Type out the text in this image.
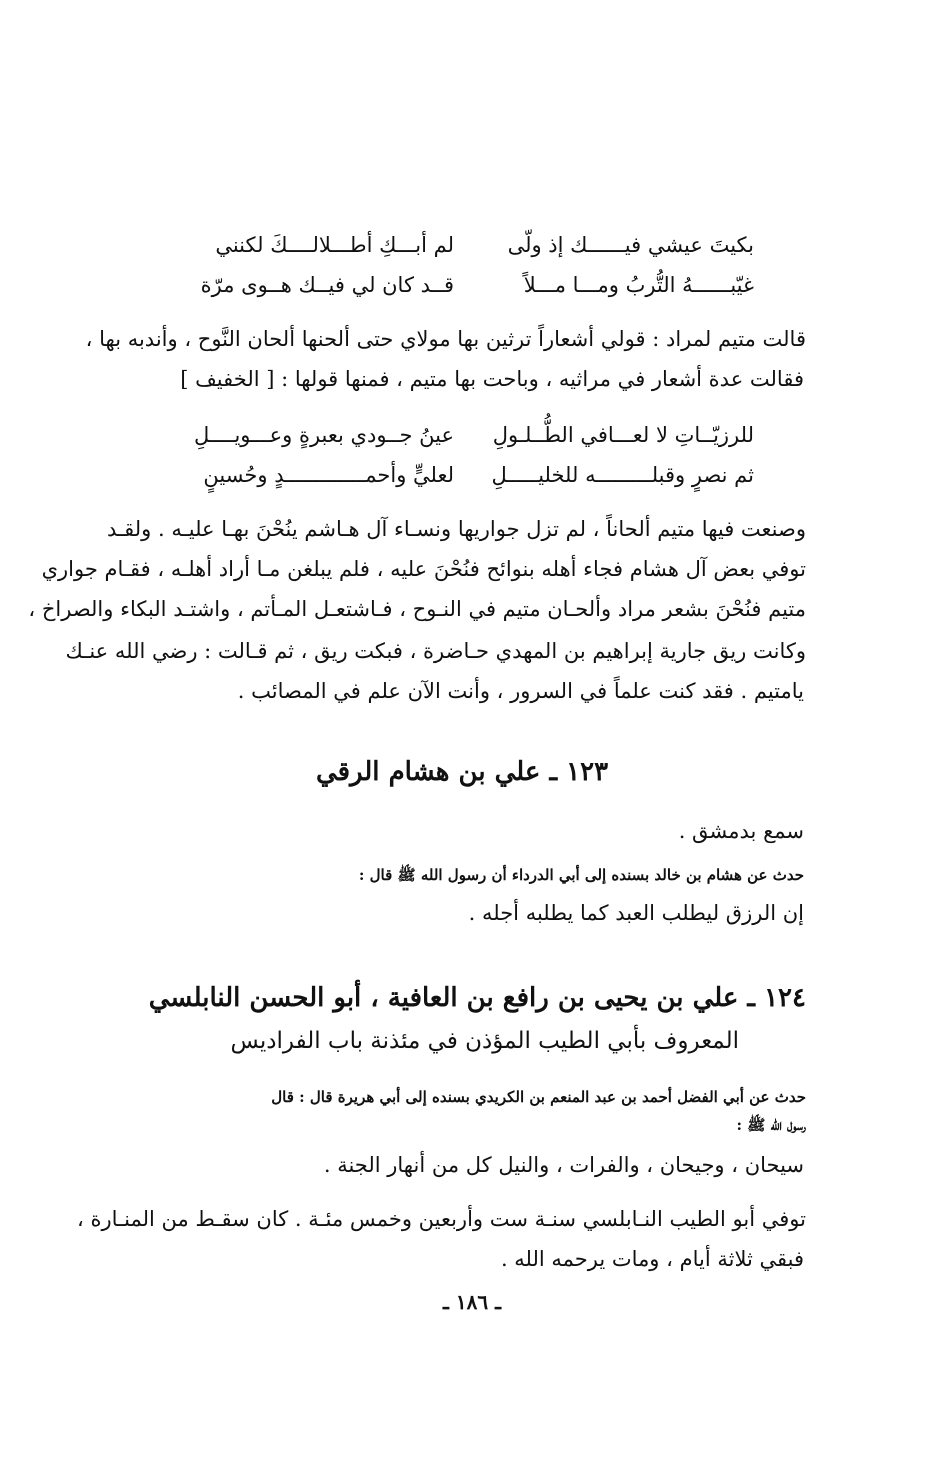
لم أبـــكِ أطـــلالــــكَ لكنني	بكيتَ عيشي فيــــــك إذ ولّى
قــد كان لي فيــك هــوى مرّة	غيّبــــــهُ التُّربُ ومـــا مـــلاً
قالت متيم لمراد : قولي أشعاراً ترثين بها مولاي حتى ألحنها ألحان النَّوح ، وأندبه بها ،
فقالت عدة أشعار في مراثيه ، وباحت بها متيم ، فمنها قولها : [ الخفيف ]
عينُ جــودي بعبرةٍ وعـــويــــلِ	للرزيّــاتِ لا لعـــافي الطُّــلـولِ
لعليٍّ وأحمـــــــــــــدٍ وحُسينٍ	ثم نصرٍ وقبلـــــــــه للخليـــــلِ
وصنعت فيها متيم ألحاناً ، لم تزل جواريها ونسـاء آل هـاشم ينُحْنَ بهـا عليـه . ولقـد
توفي بعض آل هشام فجاء أهله بنوائح فنُحْنَ عليه ، فلم يبلغن مـا أراد أهلـه ، فقـام جواري
متيم فنُحْنَ بشعر مراد وألحـان متيم في النـوح ، فـاشتعـل المـأتم ، واشتـد البكاء والصراخ ،
وكانت ريق جارية إبراهيم بن المهدي حـاضرة ، فبكت ريق ، ثم قـالت : رضي الله عنـك
يامتيم . فقد كنت علماً في السرور ، وأنت الآن علم في المصائب .
١٢٣ ـ علي بن هشام الرقي
سمع بدمشق .
حدث عن هشام بن خالد بسنده إلى أبي الدرداء أن رسول الله ﷺ قال :
إن الرزق ليطلب العبد كما يطلبه أجله .
١٢٤ ـ علي بن يحيى بن رافع بن العافية ، أبو الحسن النابلسي
المعروف بأبي الطيب المؤذن في مئذنة باب الفراديس
حدث عن أبي الفضل أحمد بن عبد المنعم بن الكريدي بسنده إلى أبي هريرة قال : قال
رسول الله ﷺ :
سيحان ، وجيحان ، والفرات ، والنيل كل من أنهار الجنة .
توفي أبو الطيب النـابلسي سنـة ست وأربعين وخمس مئـة . كان سقـط من المنـارة ،
فبقي ثلاثة أيام ، ومات يرحمه الله .
ـ ١٨٦ ـ
